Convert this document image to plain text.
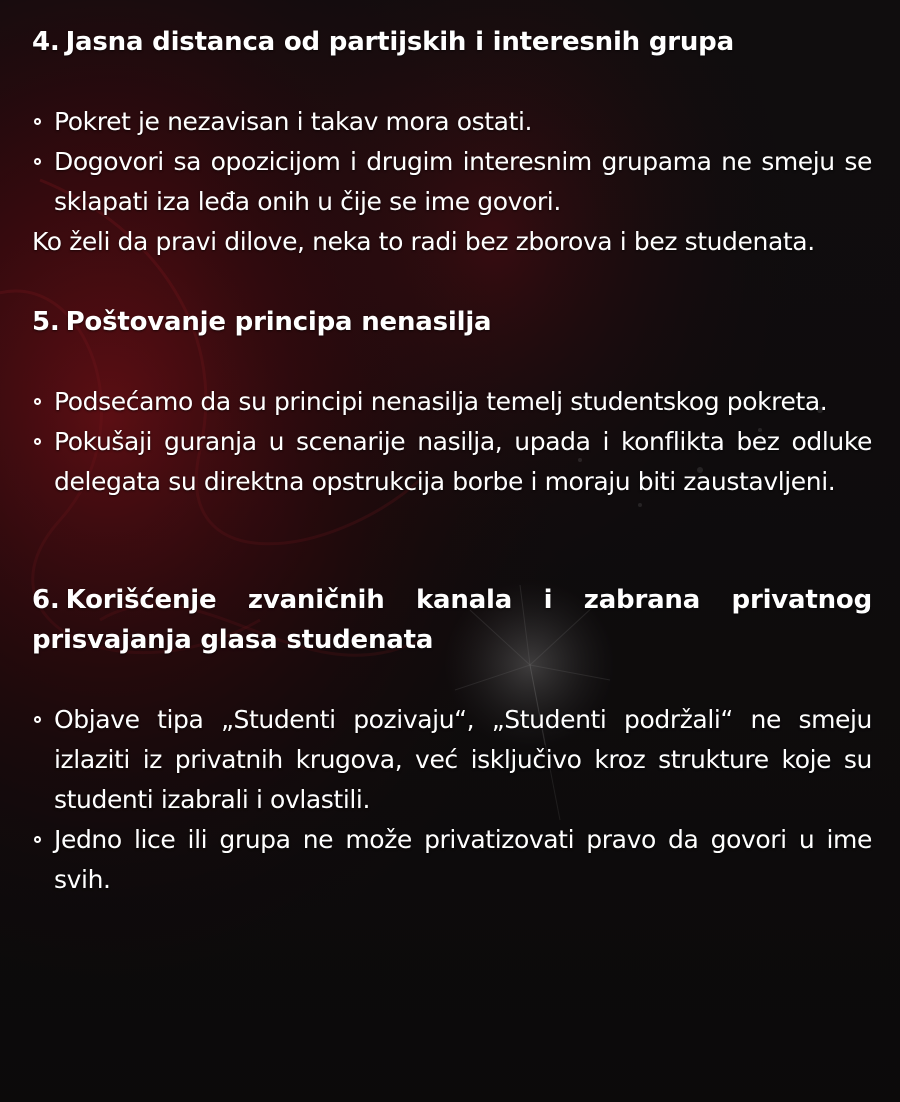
4. Jasna distanca od partijskih i interesnih grupa
Pokret je nezavisan i takav mora ostati.
Dogovori sa opozicijom i drugim interesnim grupama ne smeju se sklapati iza leđa onih u čije se ime govori.

Ko želi da pravi dilove, neka to radi bez zborova i bez studenata.

5. Poštovanje principa nenasilja
Podsećamo da su principi nenasilja temelj studentskog pokreta.
Pokušaji guranja u scenarije nasilja, upada i konflikta bez odluke delegata su direktna opstrukcija borbe i moraju biti zaustavljeni.
6. Korišćenje zvaničnih kanala i zabrana privatnog prisvajanja glasa studenata
Objave tipa „Studenti pozivaju“, „Studenti podržali“ ne smeju izlaziti iz privatnih krugova, već isključivo kroz strukture koje su studenti izabrali i ovlastili.
Jedno lice ili grupa ne može privatizovati pravo da govori u ime svih.
